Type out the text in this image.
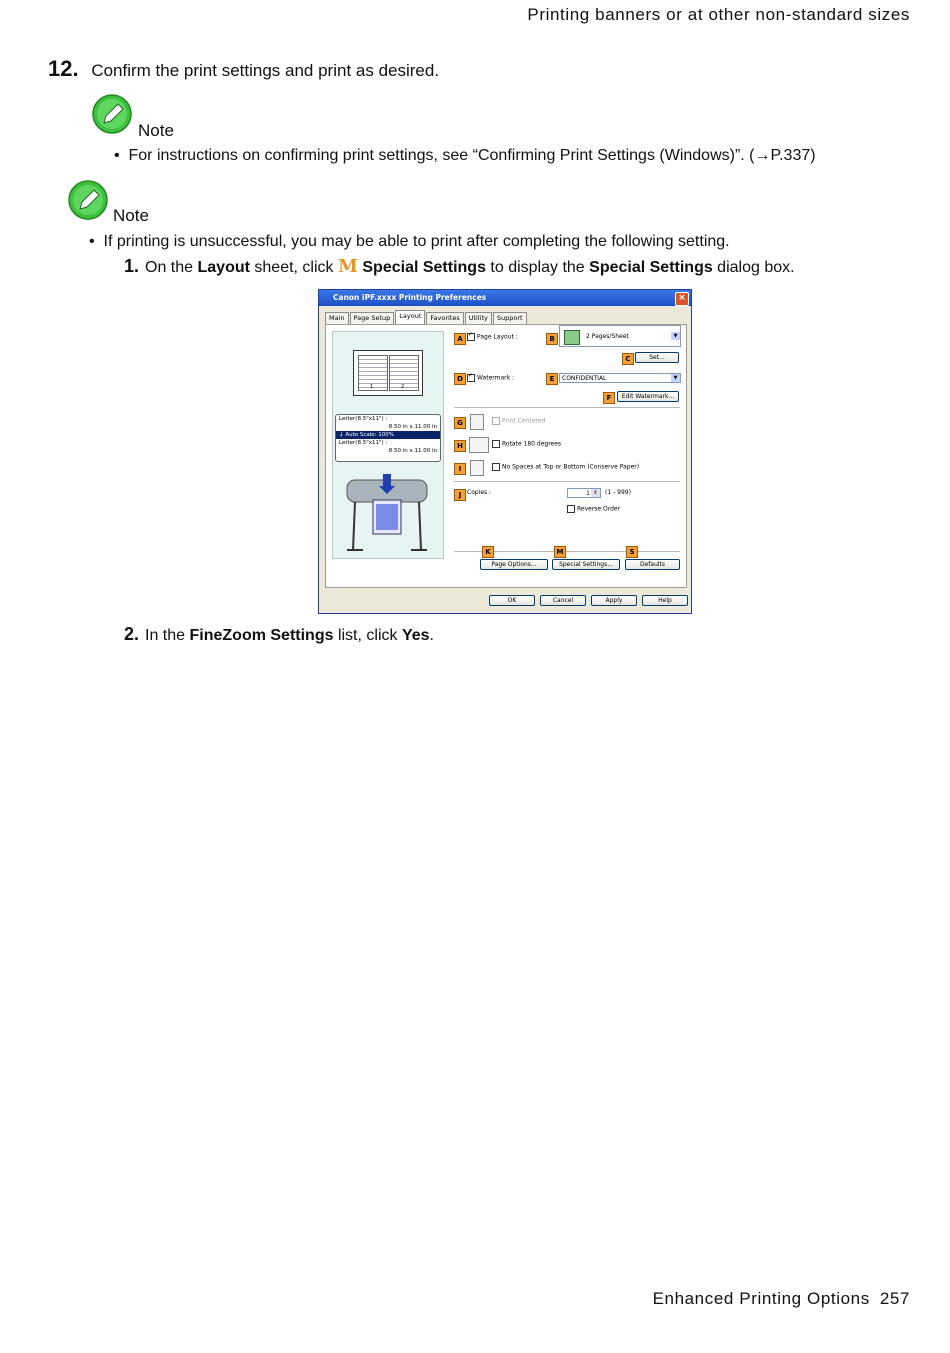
Printing banners or at other non-standard sizes
12. Confirm the print settings and print as desired.
Note
•  For instructions on confirming print settings, see “Confirming Print Settings (Windows)”. (→P.337)
Note
•  If printing is unsuccessful, you may be able to print after completing the following setting.
1. On the Layout sheet, click M Special Settings to display the Special Settings dialog box.
Canon iPF.xxxx Printing Preferences	×
Main	Page Setup	Layout	Favorites	Utility	Support
1	2
Letter(8.5"x11") :
8.50 in x 11.00 in
↓ Auto Scale: 100%
Letter(8.5"x11") :
8.50 in x 11.00 in
A ✓	Page Layout :	B	2 Pages/Sheet	▼
C	Set...
D ✓	Watermark :	E	CONFIDENTIAL	▼
F	Edit Watermark...
G	Print Centered
H	Rotate 180 degrees
I	No Spaces at Top or Bottom (Conserve Paper)
J Copies :	1 ⇕	(1 - 999)
Reverse Order
K	M	S
Page Options...	Special Settings...	Defaults
OK	Cancel	Apply	Help
2. In the FineZoom Settings list, click Yes.
Enhanced Printing Options 257
